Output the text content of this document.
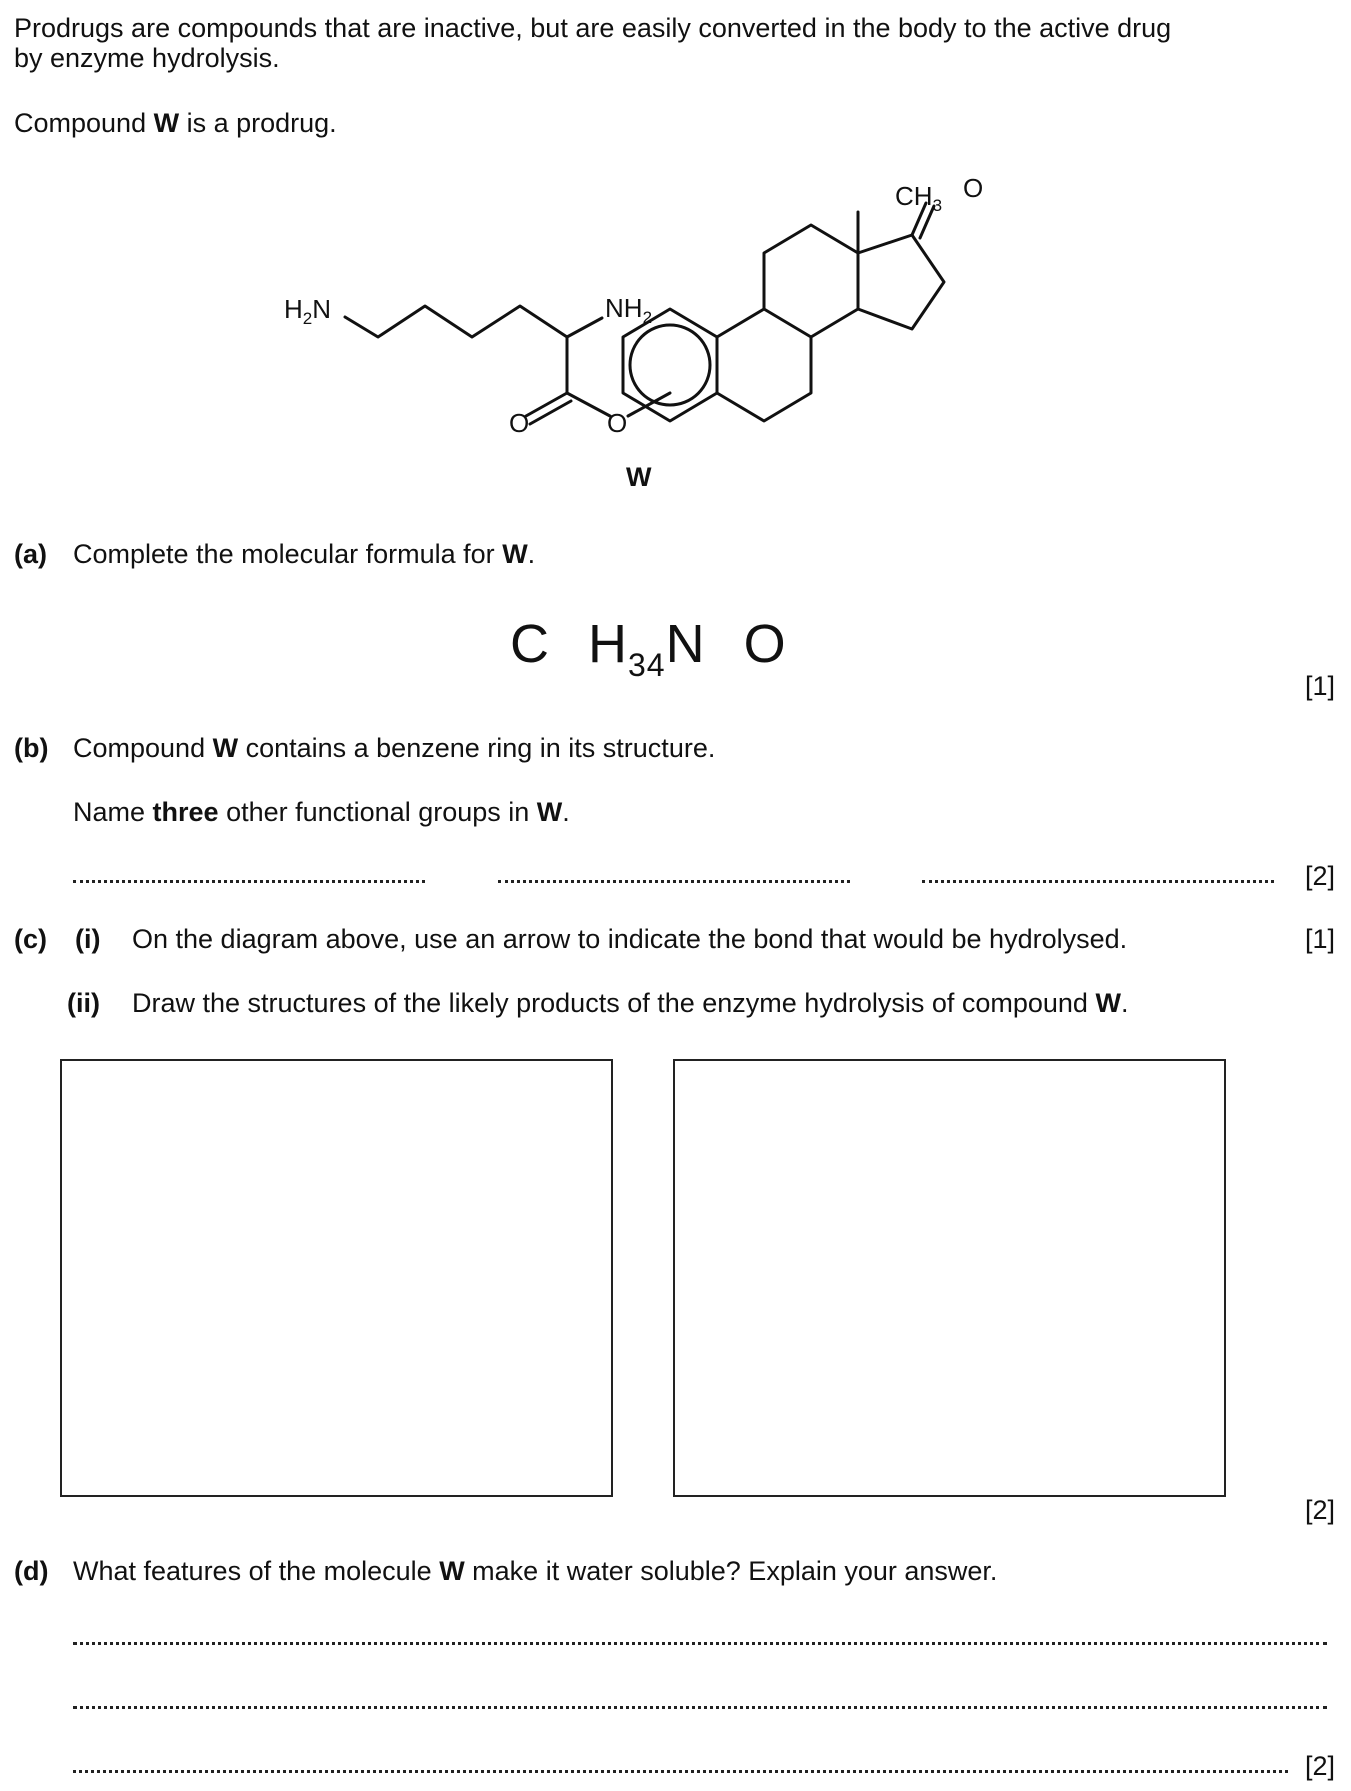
Prodrugs are compounds that are inactive, but are easily converted in the body to the active drug
by enzyme hydrolysis.
Compound W is a prodrug.
$H_2N$	$NH_2$
O	O
$CH_3$
O
W
(a) Complete the molecular formula for W.
C $H_{34}N$ O
[1]
(b) Compound W contains a benzene ring in its structure.
Name three other functional groups in W.
[2]
(c) (i) On the diagram above, use an arrow to indicate the bond that would be hydrolysed.	[1]
(ii) Draw the structures of the likely products of the enzyme hydrolysis of compound W.
[2]
(d) What features of the molecule W make it water soluble? Explain your answer.
[2]
